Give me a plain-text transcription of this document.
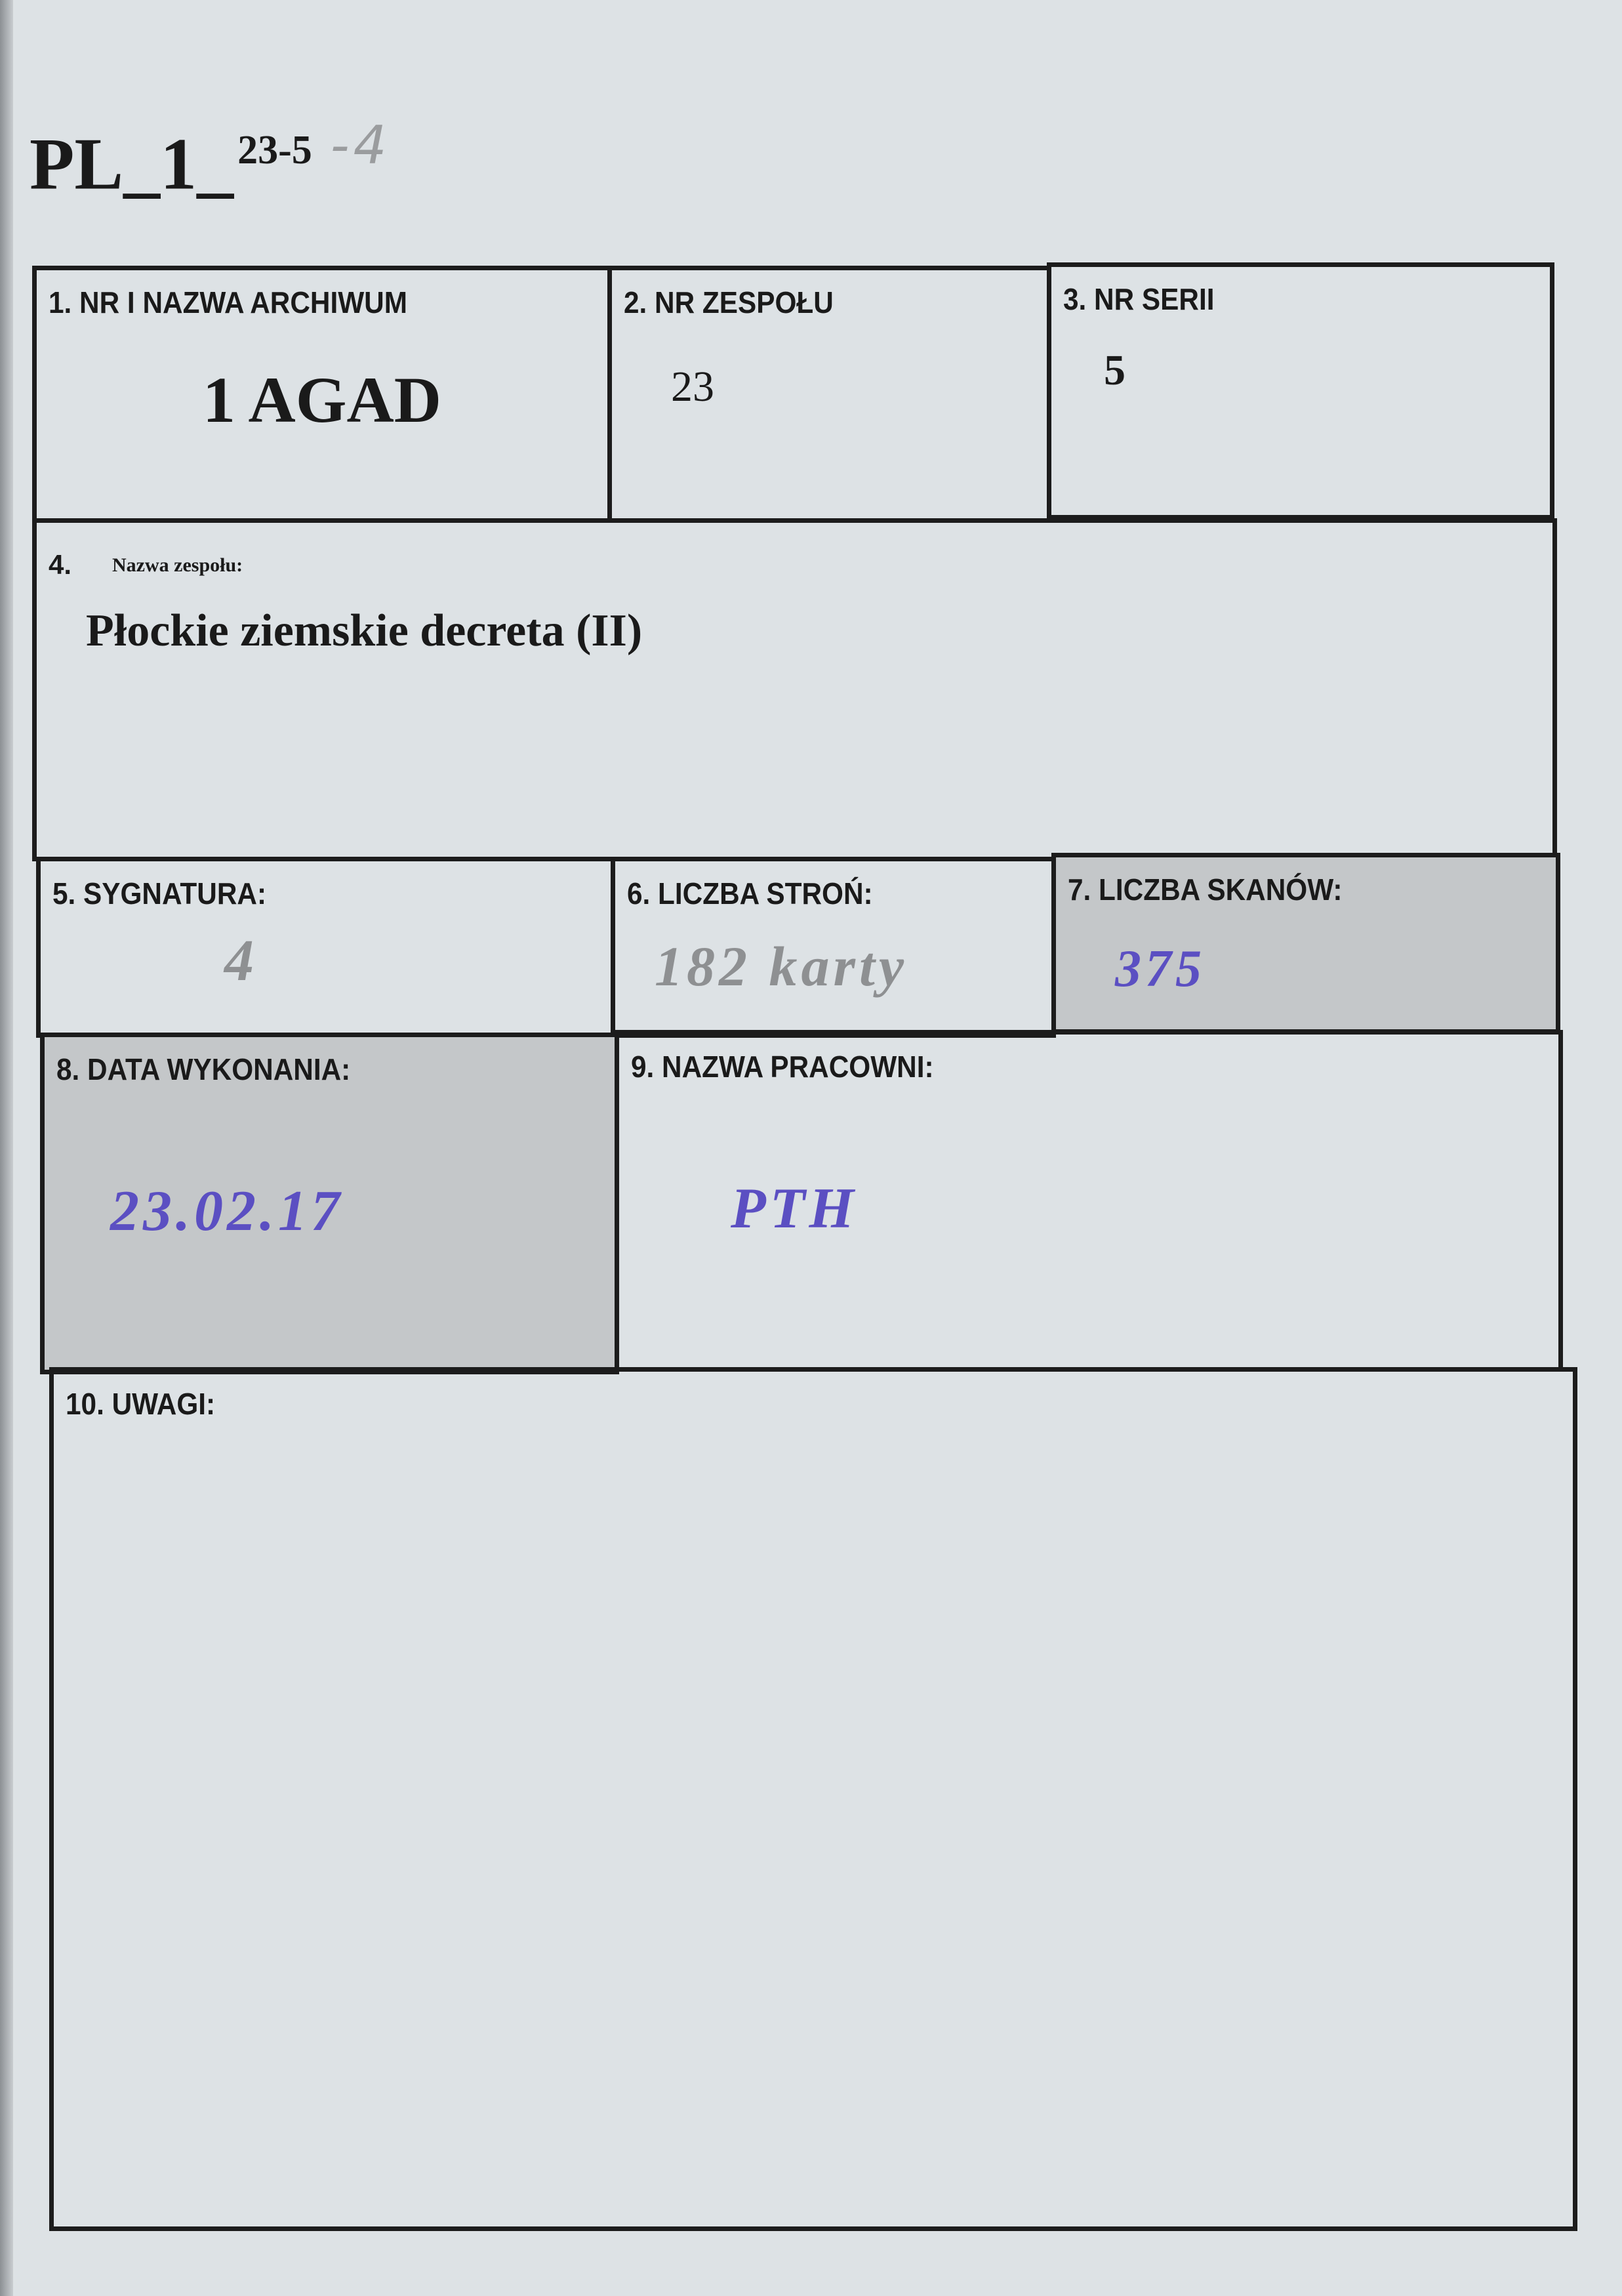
PL_1_$^{23-5}$ $^{-4}$
1. NR I NAZWA ARCHIWUM
1 AGAD
2. NR ZESPOŁU
23
3. NR SERII
5
4. Nazwa zespołu:
Płockie ziemskie decreta (II)
5. SYGNATURA:
4
6. LICZBA STROŃ:
182 karty
7. LICZBA SKANÓW:
375
8. DATA WYKONANIA:
23.02.17
9. NAZWA PRACOWNI:
PTH
10. UWAGI:
